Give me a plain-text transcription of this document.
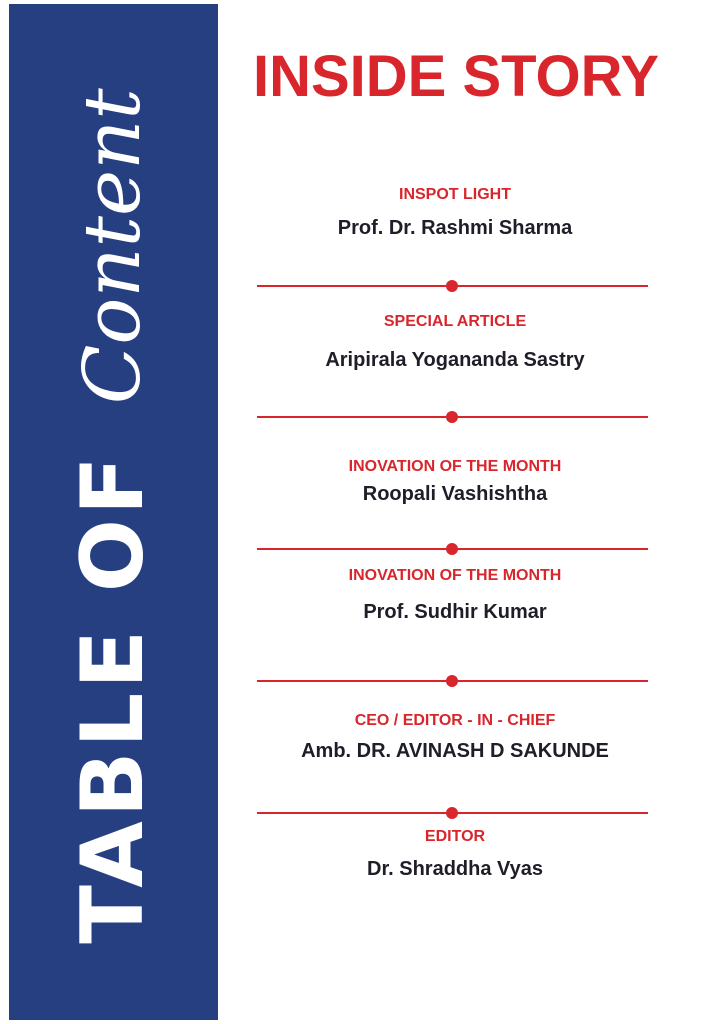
TABLE OF
Content
INSIDE STORY
INSPOT LIGHT
Prof. Dr. Rashmi Sharma
SPECIAL ARTICLE
Aripirala Yogananda Sastry
INOVATION OF THE MONTH
Roopali Vashishtha
INOVATION OF THE MONTH
Prof. Sudhir Kumar
CEO / EDITOR - IN - CHIEF
Amb. DR. AVINASH D SAKUNDE
EDITOR
Dr. Shraddha Vyas
